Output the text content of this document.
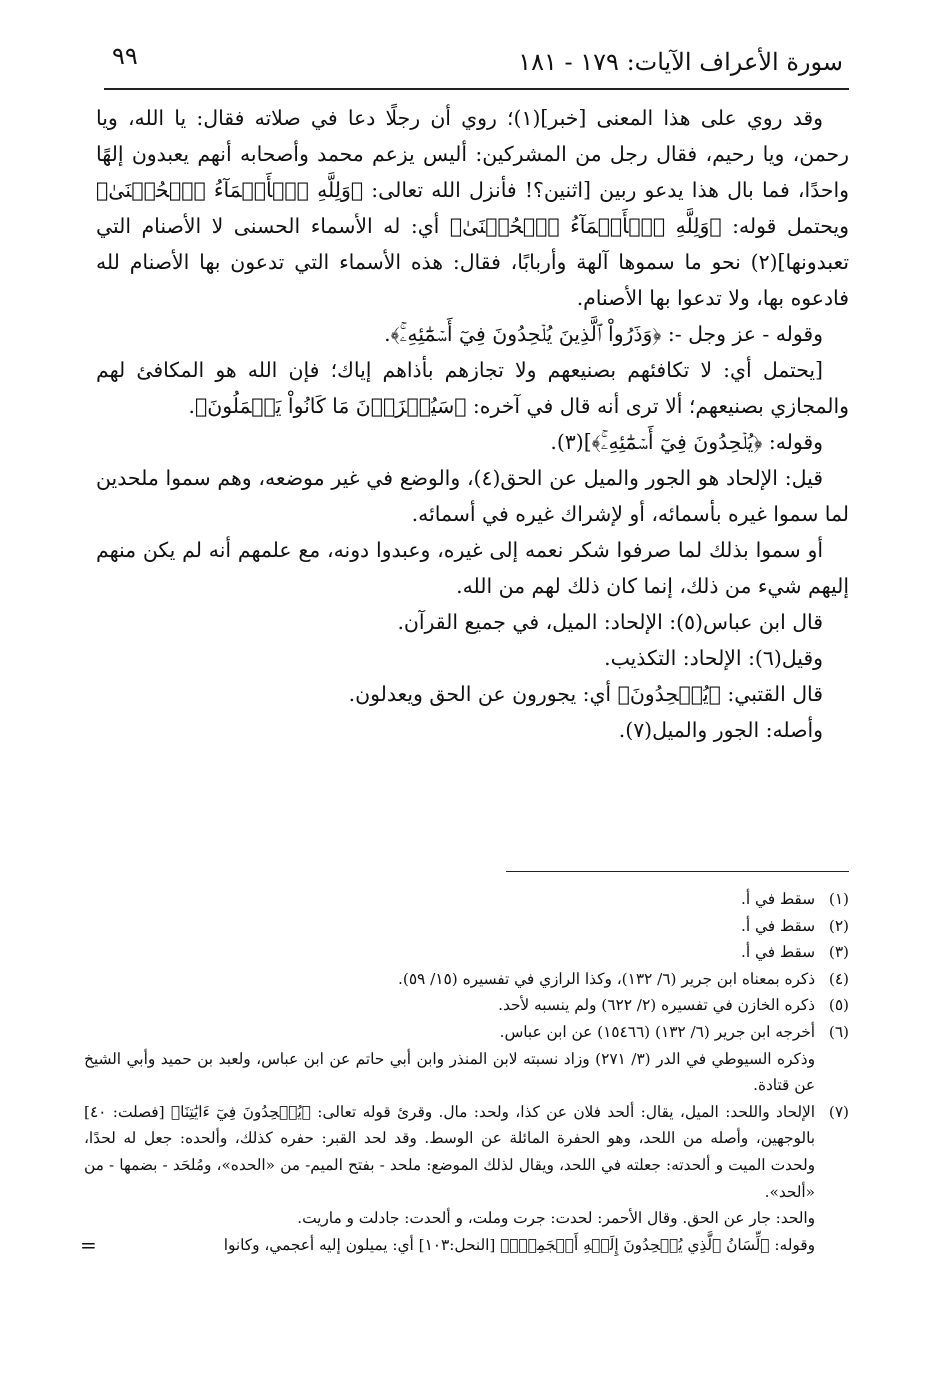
سورة الأعراف الآيات: ١٧٩ - ١٨١
٩٩

وقد روي على هذا المعنى [خبر](١)؛ روي أن رجلًا دعا في صلاته فقال: يا الله، ويا رحمن، ويا رحيم، فقال رجل من المشركين: أليس يزعم محمد وأصحابه أنهم يعبدون إلهًا واحدًا، فما بال هذا يدعو ربين [اثنين؟! فأنزل الله تعالى: ﴿وَلِلَّهِ ٱلۡأَسۡمَآءُ ٱلۡحُسۡنَىٰ﴾ويحتمل قوله: ﴿وَلِلَّهِ ٱلۡأَسۡمَآءُ ٱلۡحُسۡنَىٰ﴾ أي: له الأسماء الحسنى لا الأصنام التي تعبدونها](٢) نحو ما سموها آلهة وأربابًا، فقال: هذه الأسماء التي تدعون بها الأصنام لله فادعوه بها، ولا تدعوا بها الأصنام.

وقوله - عز وجل -: ﴿وَذَرُواْ ٱلَّذِينَ يُلۡحِدُونَ فِيٓ أَسۡمَٰٓئِهِۦۚ﴾.

[يحتمل أي: لا تكافئهم بصنيعهم ولا تجازهم بأذاهم إياك؛ فإن الله هو المكافئ لهم والمجازي بصنيعهم؛ ألا ترى أنه قال في آخره: ﴿سَيُجۡزَوۡنَ مَا كَانُواْ يَعۡمَلُونَ﴾.

وقوله: ﴿يُلۡحِدُونَ فِيٓ أَسۡمَٰٓئِهِۦۚ﴾](٣).

قيل: الإلحاد هو الجور والميل عن الحق(٤)، والوضع في غير موضعه، وهم سموا ملحدين لما سموا غيره بأسمائه، أو لإشراك غيره في أسمائه.

أو سموا بذلك لما صرفوا شكر نعمه إلى غيره، وعبدوا دونه، مع علمهم أنه لم يكن منهم إليهم شيء من ذلك، إنما كان ذلك لهم من الله.

قال ابن عباس(٥): الإلحاد: الميل، في جميع القرآن.

وقيل(٦): الإلحاد: التكذيب.

قال القتبي: ﴿يُلۡحِدُونَ﴾ أي: يجورون عن الحق ويعدلون.

وأصله: الجور والميل(٧).

(١)
سقط في أ.
(٢)
سقط في أ.
(٣)
سقط في أ.
(٤)
ذكره بمعناه ابن جرير (٦/ ١٣٢)، وكذا الرازي في تفسيره (١٥/ ٥٩).
(٥)
ذكره الخازن في تفسيره (٢/ ٦٢٢) ولم ينسبه لأحد.
(٦)
أخرجه ابن جرير (٦/ ١٣٢) (١٥٤٦٦) عن ابن عباس.
وذكره السيوطي في الدر (٣/ ٢٧١) وزاد نسبته لابن المنذر وابن أبي حاتم عن ابن عباس، ولعبد بن حميد وأبي الشيخ عن قتادة.
(٧)
الإلحاد واللحد: الميل، يقال: ألحد فلان عن كذا، ولحد: مال. وقرئ قوله تعالى: ﴿يُلۡحِدُونَ فِيٓ ءَايَٰتِنَا﴾ [فصلت: ٤٠] بالوجهين، وأصله من اللحد، وهو الحفرة المائلة عن الوسط. وقد لحد القبر: حفره كذلك، وألحده: جعل له لحدًا، ولحدت الميت و ألحدته: جعلته في اللحد، ويقال لذلك الموضع: ملحد - بفتح الميم- من «الحده»، ومُلحَد - بضمها - من «ألحد».
والحد: جار عن الحق. وقال الأحمر: لحدت: جرت وملت، و ألحدت: جادلت و ماريت.
وقوله: ﴿لِّسَانُ ٱلَّذِي يُلۡحِدُونَ إِلَيۡهِ أَعۡجَمِيّٞ﴾ [النحل:١٠٣] أي: يميلون إليه أعجمي، وكانوا
=
